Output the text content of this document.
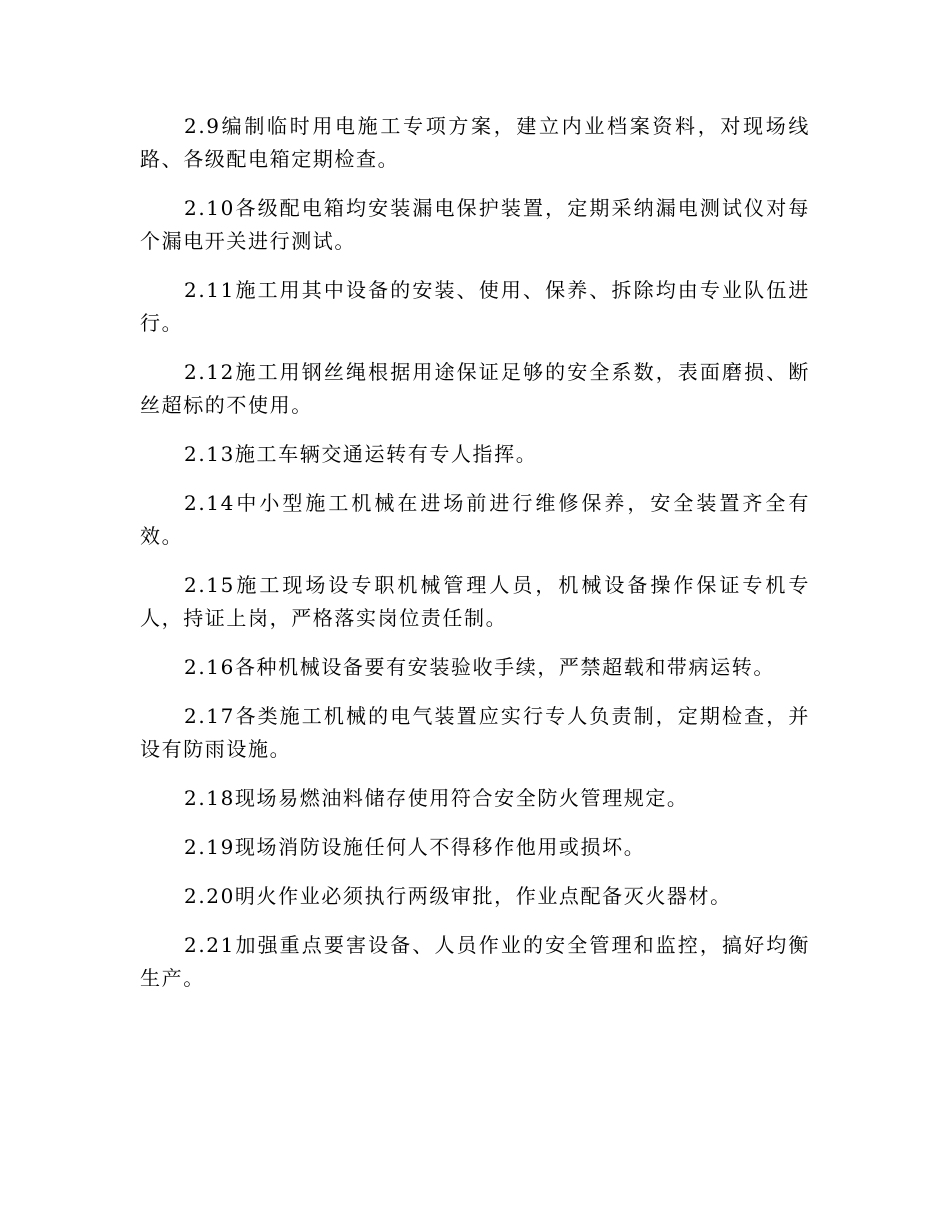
2.9编制临时用电施工专项方案，建立内业档案资料，对现场线路、各级配电箱定期检查。

2.10各级配电箱均安装漏电保护装置，定期采纳漏电测试仪对每个漏电开关进行测试。

2.11施工用其中设备的安装、使用、保养、拆除均由专业队伍进行。

2.12施工用钢丝绳根据用途保证足够的安全系数，表面磨损、断丝超标的不使用。

2.13施工车辆交通运转有专人指挥。

2.14中小型施工机械在进场前进行维修保养，安全装置齐全有效。

2.15施工现场设专职机械管理人员，机械设备操作保证专机专人，持证上岗，严格落实岗位责任制。

2.16各种机械设备要有安装验收手续，严禁超载和带病运转。

2.17各类施工机械的电气装置应实行专人负责制，定期检查，并设有防雨设施。

2.18现场易燃油料储存使用符合安全防火管理规定。

2.19现场消防设施任何人不得移作他用或损坏。

2.20明火作业必须执行两级审批，作业点配备灭火器材。

2.21加强重点要害设备、人员作业的安全管理和监控，搞好均衡生产。
